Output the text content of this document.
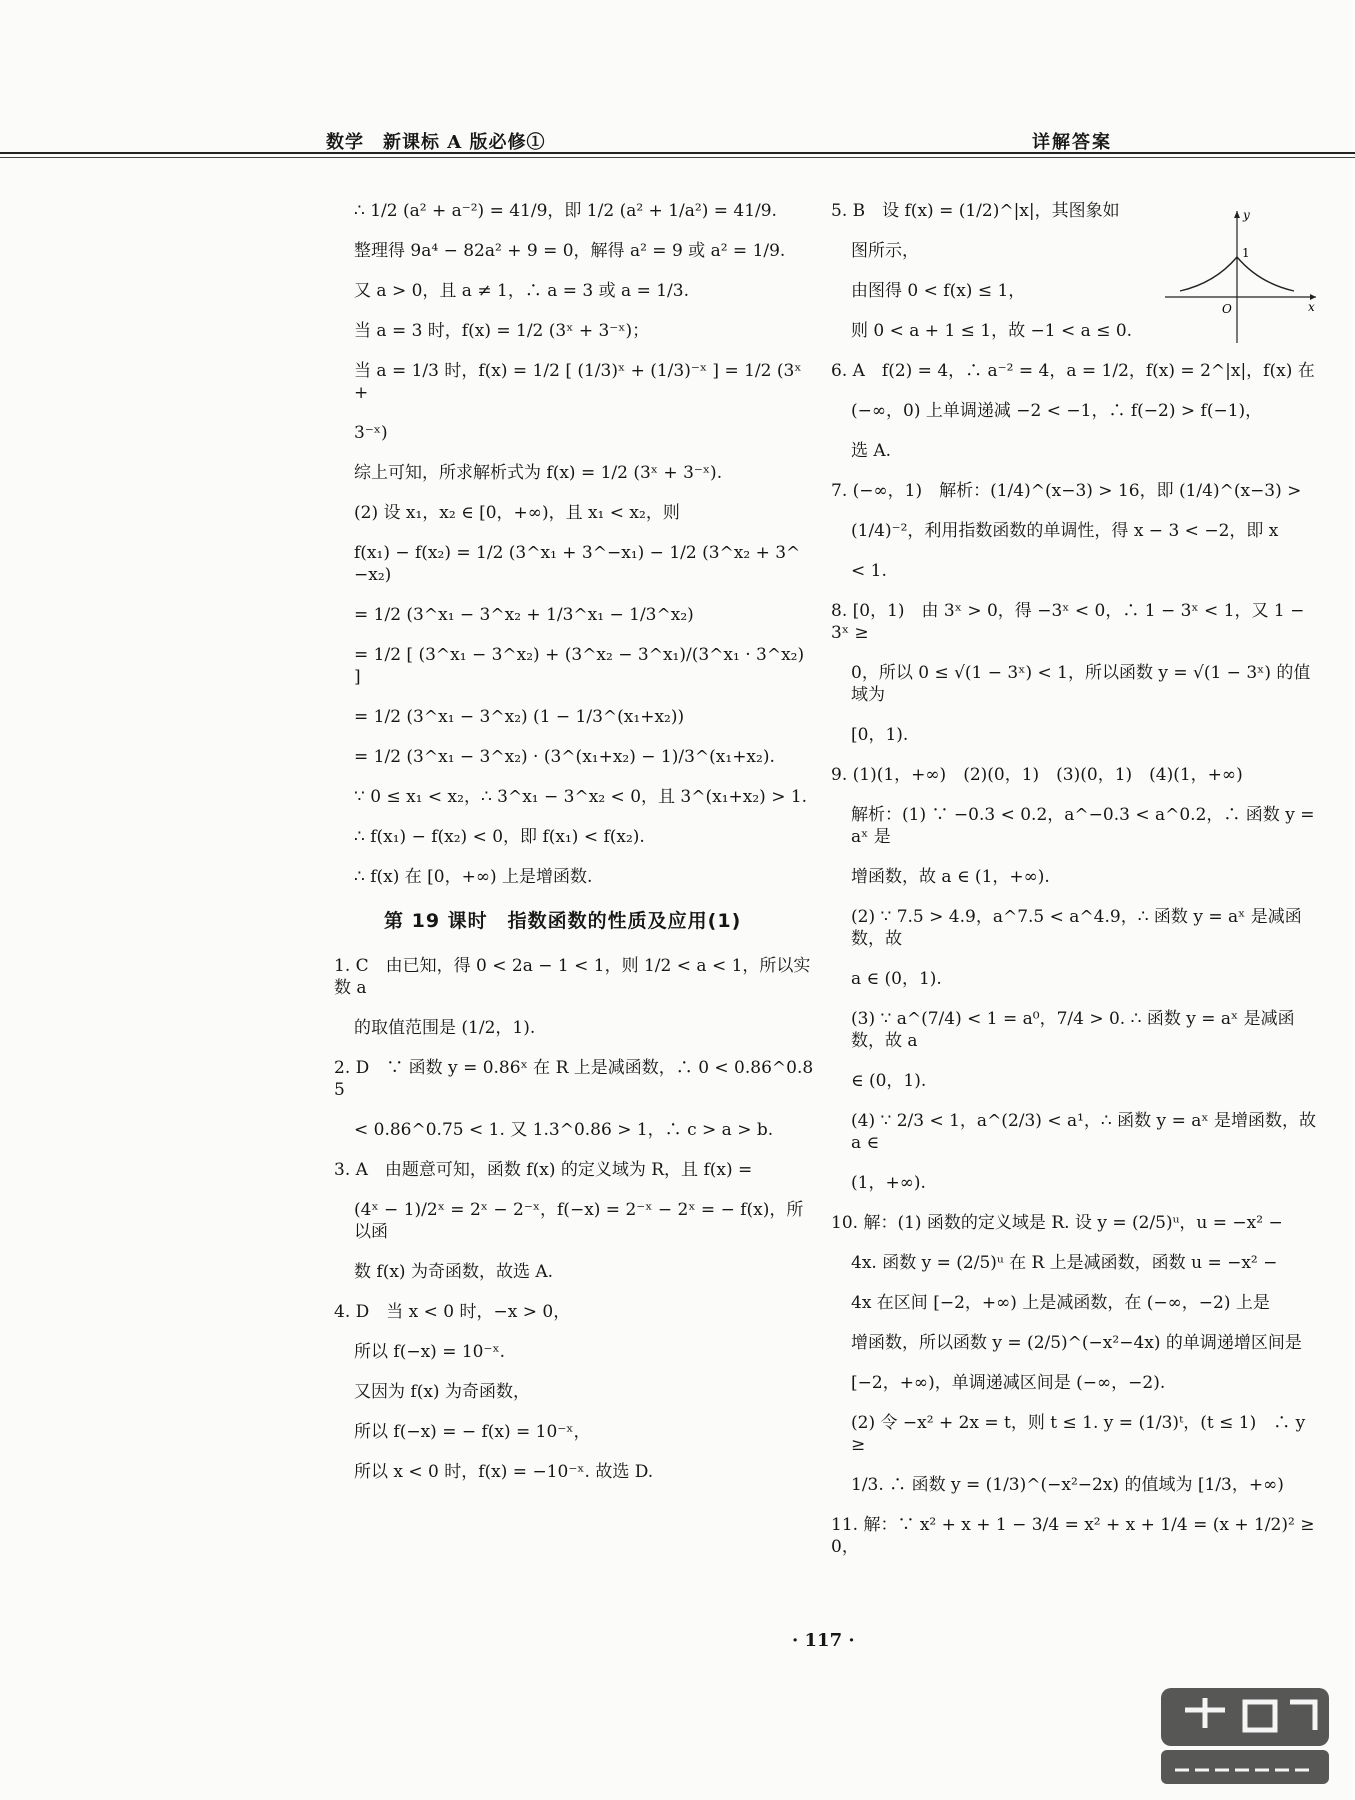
数学　新课标 A 版必修①	详解答案
∴ 1/2 (a² + a⁻²) = 41/9，即 1/2 (a² + 1/a²) = 41/9.
整理得 9a⁴ − 82a² + 9 = 0，解得 a² = 9 或 a² = 1/9.
又 a > 0，且 a ≠ 1，∴ a = 3 或 a = 1/3.
当 a = 3 时，f(x) = 1/2 (3ˣ + 3⁻ˣ)；
当 a = 1/3 时，f(x) = 1/2 [ (1/3)ˣ + (1/3)⁻ˣ ] = 1/2 (3ˣ +
3⁻ˣ)
综上可知，所求解析式为 f(x) = 1/2 (3ˣ + 3⁻ˣ).
(2) 设 x₁，x₂ ∈ [0，+∞)，且 x₁ < x₂，则
f(x₁) − f(x₂) = 1/2 (3^x₁ + 3^−x₁) − 1/2 (3^x₂ + 3^−x₂)
= 1/2 (3^x₁ − 3^x₂ + 1/3^x₁ − 1/3^x₂)
= 1/2 [ (3^x₁ − 3^x₂) + (3^x₂ − 3^x₁)/(3^x₁ · 3^x₂) ]
= 1/2 (3^x₁ − 3^x₂) (1 − 1/3^(x₁+x₂))
= 1/2 (3^x₁ − 3^x₂) · (3^(x₁+x₂) − 1)/3^(x₁+x₂).
∵ 0 ≤ x₁ < x₂，∴ 3^x₁ − 3^x₂ < 0，且 3^(x₁+x₂) > 1.
∴ f(x₁) − f(x₂) < 0，即 f(x₁) < f(x₂).
∴ f(x) 在 [0，+∞) 上是增函数.
第 19 课时　指数函数的性质及应用(1)
1. C　由已知，得 0 < 2a − 1 < 1，则 1/2 < a < 1，所以实数 a
的取值范围是 (1/2，1).
2. D　∵ 函数 y = 0.86ˣ 在 R 上是减函数，∴ 0 < 0.86^0.85
< 0.86^0.75 < 1. 又 1.3^0.86 > 1，∴ c > a > b.
3. A　由题意可知，函数 f(x) 的定义域为 R，且 f(x) =
(4ˣ − 1)/2ˣ = 2ˣ − 2⁻ˣ，f(−x) = 2⁻ˣ − 2ˣ = − f(x)，所以函
数 f(x) 为奇函数，故选 A.
4. D　当 x < 0 时，−x > 0，
所以 f(−x) = 10⁻ˣ.
又因为 f(x) 为奇函数，
所以 f(−x) = − f(x) = 10⁻ˣ，
所以 x < 0 时，f(x) = −10⁻ˣ. 故选 D.
5. B　设 f(x) = (1/2)^|x|，其图象如
图所示，
由图得 0 < f(x) ≤ 1，
则 0 < a + 1 ≤ 1，故 −1 < a ≤ 0.
6. A　f(2) = 4，∴ a⁻² = 4，a = 1/2，f(x) = 2^|x|，f(x) 在
(−∞，0) 上单调递减 −2 < −1，∴ f(−2) > f(−1)，
选 A.
7. (−∞，1)　解析：(1/4)^(x−3) > 16，即 (1/4)^(x−3) >
(1/4)⁻²，利用指数函数的单调性，得 x − 3 < −2，即 x
< 1.
8. [0，1)　由 3ˣ > 0，得 −3ˣ < 0，∴ 1 − 3ˣ < 1，又 1 − 3ˣ ≥
0，所以 0 ≤ √(1 − 3ˣ) < 1，所以函数 y = √(1 − 3ˣ) 的值域为
[0，1).
9. (1)(1，+∞)　(2)(0，1)　(3)(0，1)　(4)(1，+∞)
解析：(1) ∵ −0.3 < 0.2，a^−0.3 < a^0.2，∴ 函数 y = aˣ 是
增函数，故 a ∈ (1，+∞).
(2) ∵ 7.5 > 4.9，a^7.5 < a^4.9，∴ 函数 y = aˣ 是减函数，故
a ∈ (0，1).
(3) ∵ a^(7/4) < 1 = a⁰，7/4 > 0. ∴ 函数 y = aˣ 是减函数，故 a
∈ (0，1).
(4) ∵ 2/3 < 1，a^(2/3) < a¹，∴ 函数 y = aˣ 是增函数，故 a ∈
(1，+∞).
10. 解：(1) 函数的定义域是 R. 设 y = (2/5)ᵘ，u = −x² −
4x. 函数 y = (2/5)ᵘ 在 R 上是减函数，函数 u = −x² −
4x 在区间 [−2，+∞) 上是减函数，在 (−∞，−2) 上是
增函数，所以函数 y = (2/5)^(−x²−4x) 的单调递增区间是
[−2，+∞)，单调递减区间是 (−∞，−2).
(2) 令 −x² + 2x = t，则 t ≤ 1. y = (1/3)ᵗ，(t ≤ 1)　∴ y ≥
1/3. ∴ 函数 y = (1/3)^(−x²−2x) 的值域为 [1/3，+∞)
11. 解：∵ x² + x + 1 − 3/4 = x² + x + 1/4 = (x + 1/2)² ≥ 0，
y
x
O
1
· 117 ·
